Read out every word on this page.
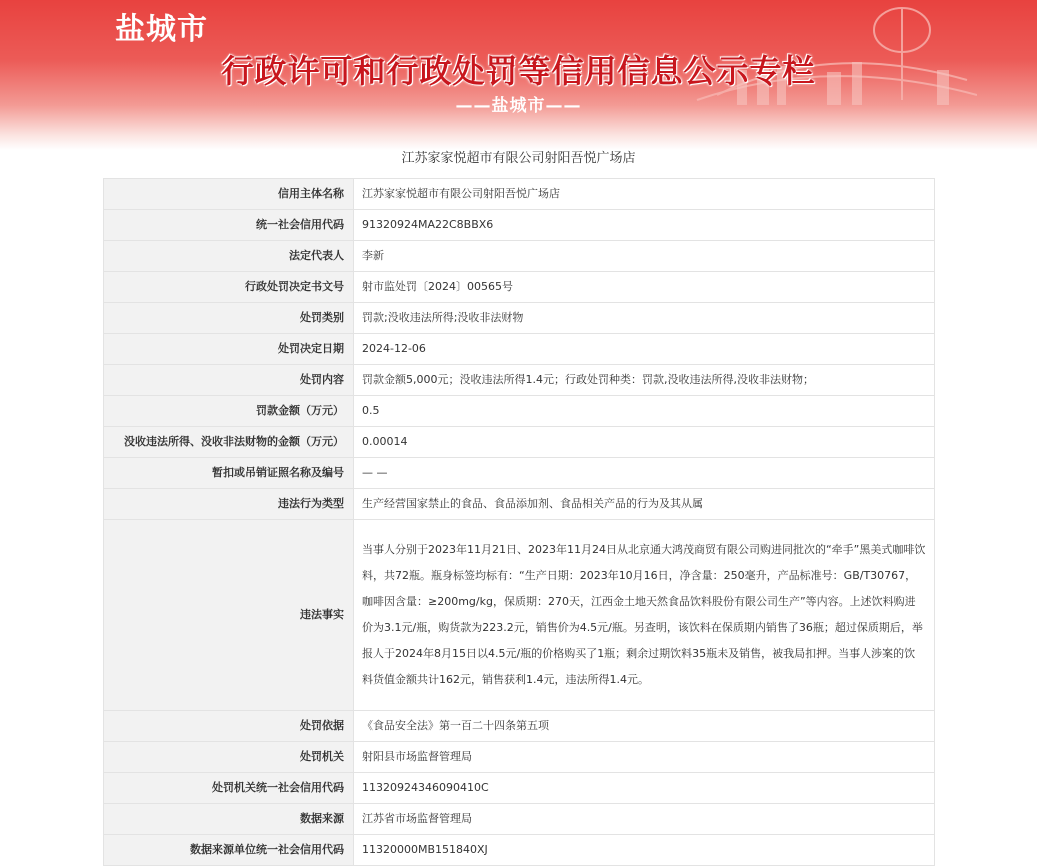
盐城市
行政许可和行政处罚等信用信息公示专栏
——盐城市——
江苏家家悦超市有限公司射阳吾悦广场店
信用主体名称	江苏家家悦超市有限公司射阳吾悦广场店
统一社会信用代码	91320924MA22C8BBX6
法定代表人	李新
行政处罚决定书文号	射市监处罚〔2024〕00565号
处罚类别	罚款;没收违法所得;没收非法财物
处罚决定日期	2024-12-06
处罚内容	罚款金额5,000元；没收违法所得1.4元；行政处罚种类：罚款,没收违法所得,没收非法财物；
罚款金额（万元）	0.5
没收违法所得、没收非法财物的金额（万元）	0.00014
暂扣或吊销证照名称及编号	— —
违法行为类型	生产经营国家禁止的食品、食品添加剂、食品相关产品的行为及其从属
违法事实	当事人分别于2023年11月21日、2023年11月24日从北京通大鸿茂商贸有限公司购进同批次的“牵手”黑美式咖啡饮料，共72瓶。瓶身标签均标有：“生产日期：2023年10月16日，净含量：250毫升，产品标准号：GB/T30767，咖啡因含量：≥200mg/kg，保质期：270天，江西金土地天然食品饮料股份有限公司生产”等内容。上述饮料购进价为3.1元/瓶，购货款为223.2元，销售价为4.5元/瓶。另查明，该饮料在保质期内销售了36瓶；超过保质期后，举报人于2024年8月15日以4.5元/瓶的价格购买了1瓶；剩余过期饮料35瓶未及销售，被我局扣押。当事人涉案的饮料货值金额共计162元，销售获利1.4元，违法所得1.4元。
处罚依据	《食品安全法》第一百二十四条第五项
处罚机关	射阳县市场监督管理局
处罚机关统一社会信用代码	11320924346090410C
数据来源	江苏省市场监督管理局
数据来源单位统一社会信用代码	11320000MB151840XJ
